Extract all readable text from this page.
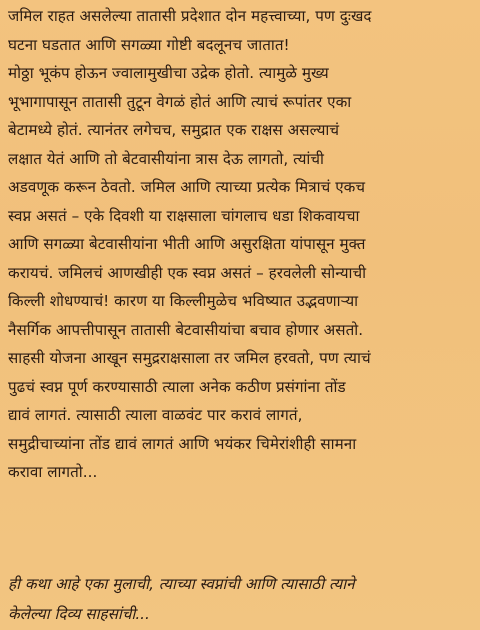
जमिल राहत असलेल्या तातासी प्रदेशात दोन महत्त्वाच्या, पण दुःखद
घटना घडतात आणि सगळ्या गोष्टी बदलूनच जातात!

मोठ्ठा भूकंप होऊन ज्वालामुखीचा उद्रेक होतो. त्यामुळे मुख्य
भूभागापासून तातासी तुटून वेगळं होतं आणि त्याचं रूपांतर एका
बेटामध्ये होतं. त्यानंतर लगेचच, समुद्रात एक राक्षस असल्याचं
लक्षात येतं आणि तो बेटवासीयांना त्रास देऊ लागतो, त्यांची
अडवणूक करून ठेवतो. जमिल आणि त्याच्या प्रत्येक मित्राचं एकच
स्वप्न असतं – एके दिवशी या राक्षसाला चांगलाच धडा शिकवायचा
आणि सगळ्या बेटवासीयांना भीती आणि असुरक्षिता यांपासून मुक्त
करायचं. जमिलचं आणखीही एक स्वप्न असतं – हरवलेली सोन्याची
किल्ली शोधण्याचं! कारण या किल्लीमुळेच भविष्यात उद्भवणाऱ्या
नैसर्गिक आपत्तीपासून तातासी बेटवासीयांचा बचाव होणार असतो.

साहसी योजना आखून समुद्रराक्षसाला तर जमिल हरवतो, पण त्याचं
पुढचं स्वप्न पूर्ण करण्यासाठी त्याला अनेक कठीण प्रसंगांना तोंड
द्यावं लागतं. त्यासाठी त्याला वाळवंट पार करावं लागतं,
समुद्रीचाच्यांना तोंड द्यावं लागतं आणि भयंकर चिमेरांशीही सामना
करावा लागतो...

ही कथा आहे एका मुलाची, त्याच्या स्वप्नांची आणि त्यासाठी त्याने
केलेल्या दिव्य साहसांची...
